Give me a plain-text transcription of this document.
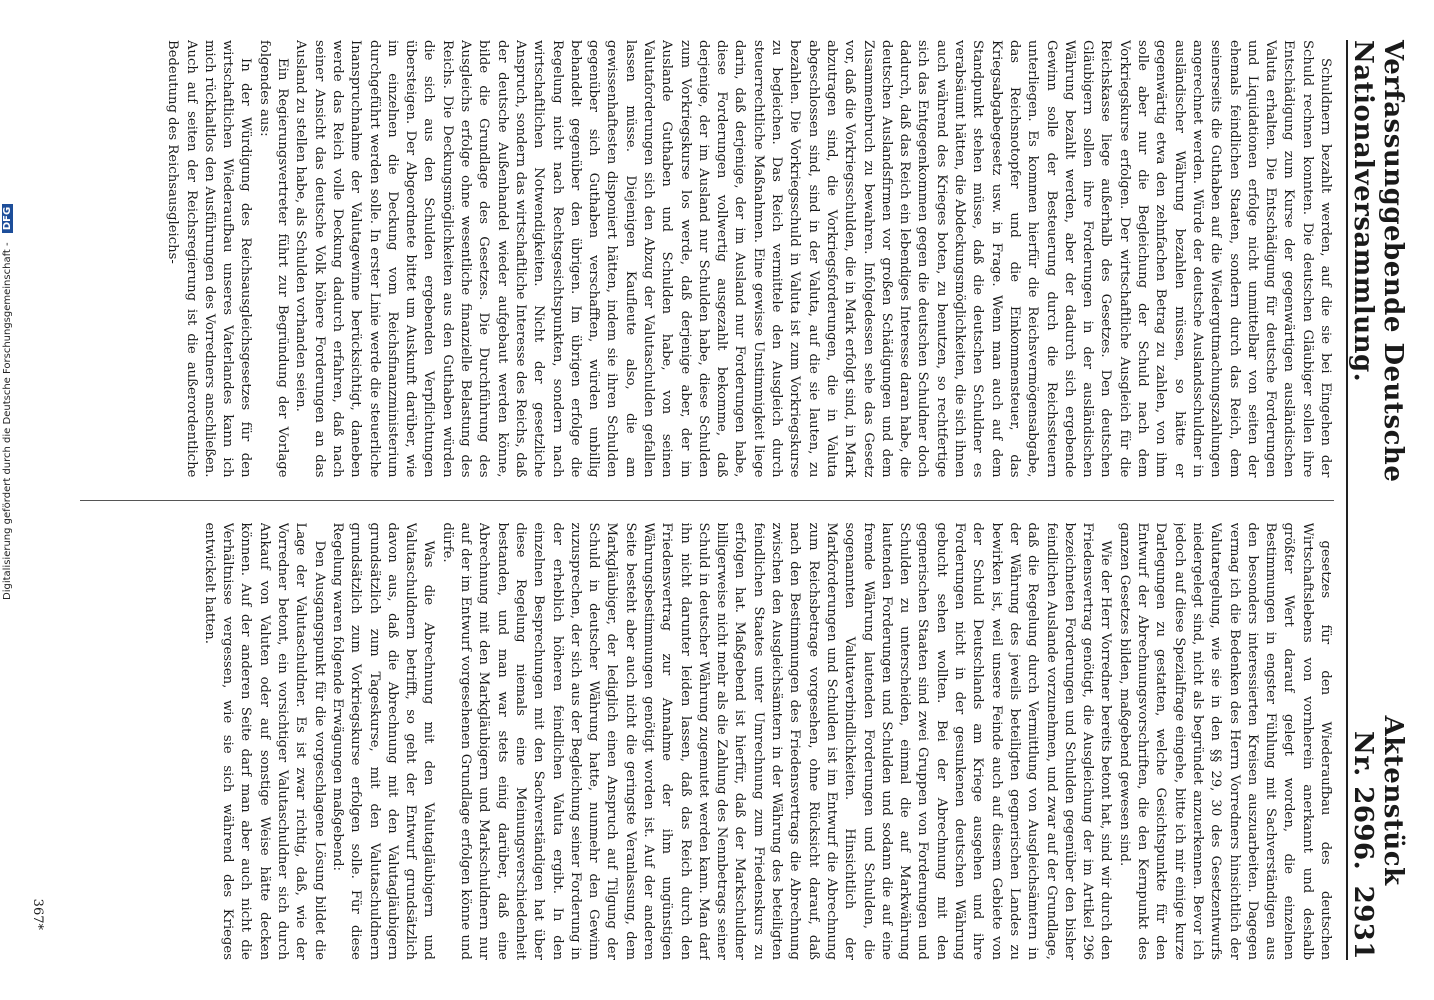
Verfassunggebende Deutsche Nationalversammlung.
Aktenstück Nr. 2696.
2931

Schuldnern bezahlt werden, auf die sie bei Eingehen der Schuld rechnen konnten. Die deutschen Gläubiger sollen ihre Entschädigung zum Kurse der gegenwärtigen ausländischen Valuta erhalten. Die Entschädigung für deutsche Forderungen und Liquidationen erfolge nicht unmittelbar von seiten der ehemals feindlichen Staaten, sondern durch das Reich, dem seinerseits die Guthaben auf die Wiedergutmachungszahlungen angerechnet werden. Würde der deutsche Auslandsschuldner in ausländischer Währung bezahlen müssen, so hätte er gegenwärtig etwa den zehnfachen Betrag zu zahlen, von ihm solle aber nur die Begleichung der Schuld nach dem Vorkriegskurse erfolgen. Der wirtschaftliche Ausgleich für die Reichskasse liege außerhalb des Gesetzes. Den deutschen Gläubigern sollen ihre Forderungen in der ausländischen Währung bezahlt werden, aber der dadurch sich ergebende Gewinn solle der Besteuerung durch die Reichssteuern unterliegen. Es kommen hierfür die Reichsvermögensabgabe, das Reichsnotopfer und die Einkommensteuer, das Kriegsabgabegesetz usw. in Frage. Wenn man auch auf dem Standpunkt stehen müsse, daß die deutschen Schuldner es verabsäumt hätten, die Abdeckungsmöglichkeiten, die sich ihnen auch während des Krieges boten, zu benutzen, so rechtfertige sich das Entgegenkommen gegen die deutschen Schuldner doch dadurch, daß das Reich ein lebendiges Interesse daran habe, die deutschen Auslandsfirmen vor großen Schädigungen und dem Zusammenbruch zu bewahren. Infolgedessen sehe das Gesetz vor, daß die Vorkriegsschulden, die in Mark erfolgt sind, in Mark abzutragen sind, die Vorkriegsforderungen, die in Valuta abgeschlossen sind, sind in der Valuta, auf die sie lauten, zu bezahlen. Die Vorkriegsschuld in Valuta ist zum Vorkriegskurse zu begleichen. Das Reich vermittele den Ausgleich durch steuerrechtliche Maßnahmen. Eine gewisse Unstimmigkeit liege darin, daß derjenige, der im Ausland nur Forderungen habe, diese Forderungen vollwertig ausgezahlt bekomme, daß derjenige, der im Ausland nur Schulden habe, diese Schulden zum Vorkriegskurse los werde, daß derjenige aber, der im Auslande Guthaben und Schulden habe, von seinen Valutaforderungen sich den Abzug der Valutaschulden gefallen lassen müsse. Diejenigen Kaufleute also, die am gewissenhaftesten disponiert hätten, indem sie ihren Schulden gegenüber sich Guthaben verschafften, würden unbillig behandelt gegenüber den übrigen. Im übrigen erfolge die Regelung nicht nach Rechtsgesichtspunkten, sondern nach wirtschaftlichen Notwendigkeiten. Nicht der gesetzliche Anspruch, sondern das wirtschaftliche Interesse des Reichs, daß der deutsche Außenhandel wieder aufgebaut werden könne, bilde die Grundlage des Gesetzes. Die Durchführung des Ausgleichs erfolge ohne wesentliche finanzielle Belastung des Reichs. Die Deckungsmöglichkeiten aus den Guthaben würden die sich aus den Schulden ergebenden Verpflichtungen übersteigen. Der Abgeordnete bittet um Auskunft darüber, wie im einzelnen die Deckung vom Reichsfinanzministerium durchgeführt werden solle. In erster Linie werde die steuerliche Inanspruchnahme der Valutagewinne berücksichtigt, daneben werde das Reich volle Deckung dadurch erfahren, daß nach seiner Ansicht das deutsche Volk höhere Forderungen an das Ausland zu stellen habe, als Schulden vorhanden seien.

Ein Regierungsvertreter führt zur Begründung der Vorlage folgendes aus:

In der Würdigung des Reichsausgleichsgesetzes für den wirtschaftlichen Wiederaufbau unseres Vaterlandes kann ich mich rückhaltlos den Ausführungen des Vorredners anschließen. Auch auf seiten der Reichsregierung ist die außerordentliche Bedeutung des Reichsausgleichs-

gesetzes für den Wiederaufbau des deutschen Wirtschaftslebens von vornherein anerkannt und deshalb größter Wert darauf gelegt worden, die einzelnen Bestimmungen in engster Fühlung mit Sachverständigen aus den besonders interessierten Kreisen auszuarbeiten. Dagegen vermag ich die Bedenken des Herrn Vorredners hinsichtlich der Valutaregelung, wie sie in den §§ 29, 30 des Gesetzentwurfs niedergelegt sind, nicht als begründet anzuerkennen. Bevor ich jedoch auf diese Spezialfrage eingehe, bitte ich mir einige kurze Darlegungen zu gestatten, welche Gesichtspunkte für den Entwurf der Abrechnungsvorschriften, die den Kernpunkt des ganzen Gesetzes bilden, maßgebend gewesen sind.

Wie der Herr Vorredner bereits betont hat, sind wir durch den Friedensvertrag genötigt, die Ausgleichung der im Artikel 296 bezeichneten Forderungen und Schulden gegenüber den bisher feindlichen Auslande vorzunehmen, und zwar auf der Grundlage, daß die Regelung durch Vermittlung von Ausgleichsämtern in der Währung des jeweils beteiligten gegnerischen Landes zu bewirken ist, weil unsere Feinde auch auf diesem Gebiete von der Schuld Deutschlands am Kriege ausgehen und ihre Forderungen nicht in der gesunkenen deutschen Währung gebucht sehen wollten. Bei der Abrechnung mit den gegnerischen Staaten sind zwei Gruppen von Forderungen und Schulden zu unterscheiden, einmal die auf Markwährung lautenden Forderungen und Schulden und sodann die auf eine fremde Währung lautenden Forderungen und Schulden, die sogenannten Valutaverbindlichkeiten. Hinsichtlich der Markforderungen und Schulden ist im Entwurf die Abrechnung zum Reichsbetrage vorgesehen, ohne Rücksicht darauf, daß nach den Bestimmungen des Friedensvertrags die Abrechnung zwischen den Ausgleichsämtern in der Währung des beteiligten feindlichen Staates unter Umrechnung zum Friedenskurs zu erfolgen hat. Maßgebend ist hierfür, daß der Markschuldner billigerweise nicht mehr als die Zahlung des Nennbetrags seiner Schuld in deutscher Währung zugemutet werden kann. Man darf ihn nicht darunter leiden lassen, daß das Reich durch den Friedensvertrag zur Annahme der ihm ungünstigen Währungsbestimmungen genötigt worden ist. Auf der anderen Seite besteht aber auch nicht die geringste Veranlassung, dem Markgläubiger, der lediglich einen Anspruch auf Tilgung der Schuld in deutscher Währung hatte, nunmehr den Gewinn zuzusprechen, der sich aus der Begleichung seiner Forderung in der erheblich höheren feindlichen Valuta ergibt. In den einzelnen Besprechungen mit den Sachverständigen hat über diese Regelung niemals eine Meinungsverschiedenheit bestanden, und man war stets einig darüber, daß eine Abrechnung mit den Markgläubigern und Markschuldnern nur auf der im Entwurf vorgesehenen Grundlage erfolgen könne und dürfe.

Was die Abrechnung mit den Valutagläubigern und Valutaschuldnern betrifft, so geht der Entwurf grundsätzlich davon aus, daß die Abrechnung mit den Valutagläubigern grundsätzlich zum Tageskurse, mit den Valutaschuldnern grundsätzlich zum Vorkriegskurse erfolgen solle. Für diese Regelung waren folgende Erwägungen maßgebend:

Den Ausgangspunkt für die vorgeschlagene Lösung bildet die Lage der Valutaschuldner. Es ist zwar richtig, daß, wie der Vorredner betont, ein vorsichtiger Valutaschuldner sich durch Ankauf von Valuten oder auf sonstige Weise hätte decken können. Auf der anderen Seite darf man aber auch nicht die Verhältnisse vergessen, wie sie sich während des Krieges entwickelt hatten.

367*
Digitalisierung gefördert durch die Deutsche Forschungsgemeinschaft - DFG
